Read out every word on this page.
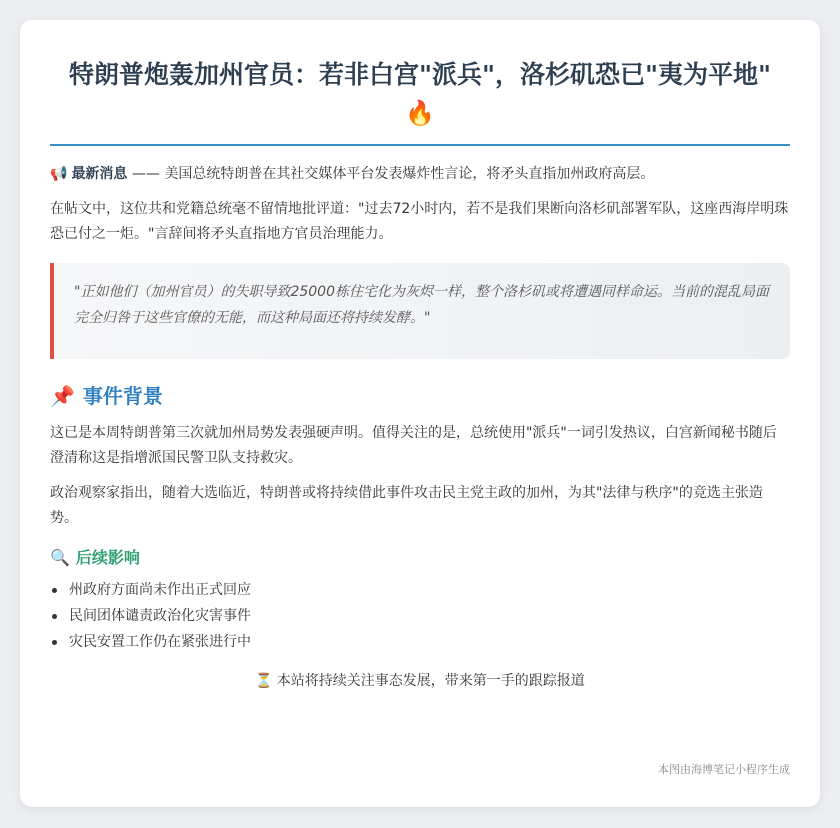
特朗普炮轰加州官员：若非白宫"派兵"，洛杉矶恐已"夷为平地" 🔥

📢 最新消息 —— 美国总统特朗普在其社交媒体平台发表爆炸性言论，将矛头直指加州政府高层。

在帖文中，这位共和党籍总统毫不留情地批评道："过去72小时内，若不是我们果断向洛杉矶部署军队，这座西海岸明珠恐已付之一炬。"言辞间将矛头直指地方官员治理能力。

"正如他们（加州官员）的失职导致25000栋住宅化为灰烬一样，整个洛杉矶或将遭遇同样命运。当前的混乱局面完全归咎于这些官僚的无能，而这种局面还将持续发酵。"
📌 事件背景

这已是本周特朗普第三次就加州局势发表强硬声明。值得关注的是，总统使用"派兵"一词引发热议，白宫新闻秘书随后澄清称这是指增派国民警卫队支持救灾。

政治观察家指出，随着大选临近，特朗普或将持续借此事件攻击民主党主政的加州，为其"法律与秩序"的竞选主张造势。

🔍 后续影响
州政府方面尚未作出正式回应
民间团体谴责政治化灾害事件
灾民安置工作仍在紧张进行中

⏳ 本站将持续关注事态发展，带来第一手的跟踪报道

本图由海博笔记小程序生成
